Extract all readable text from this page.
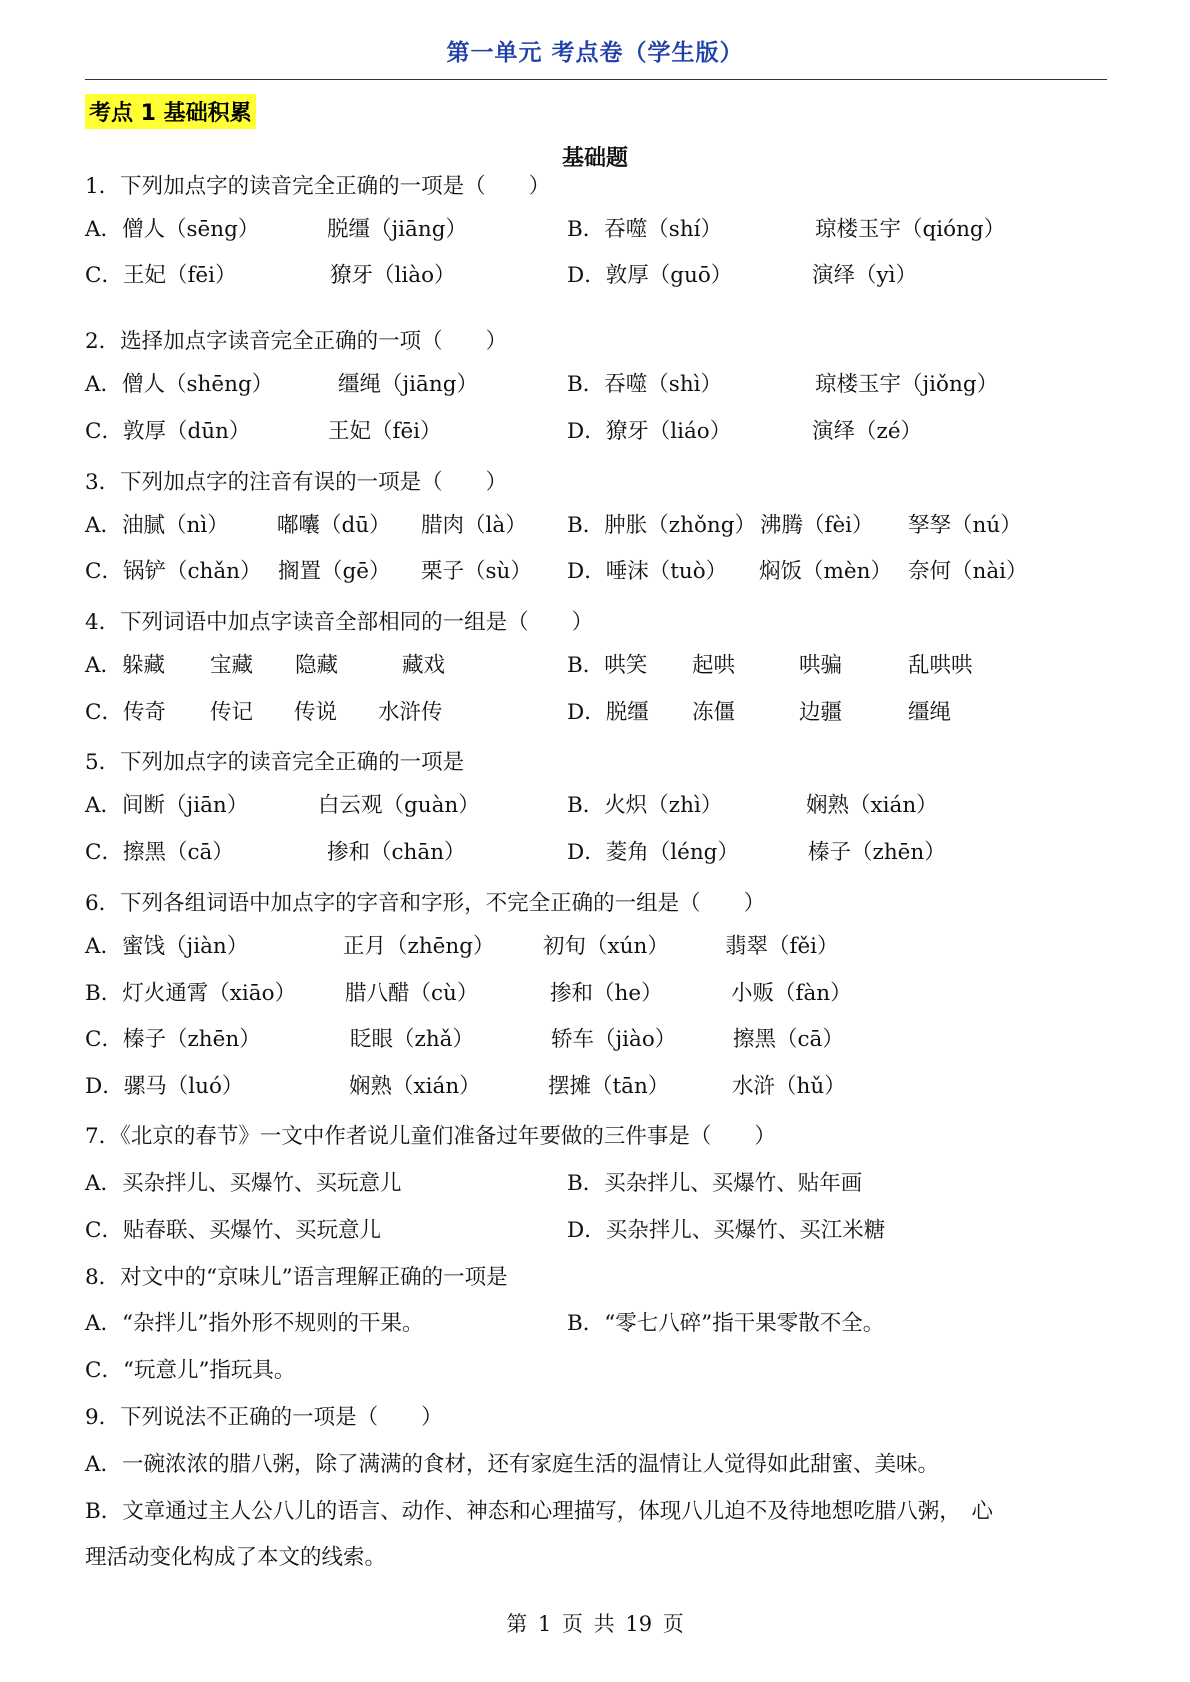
第一单元 考点卷（学生版）
考点 1 基础积累
基础题
1．下列加点字的读音完全正确的一项是（　　）
A．僧人（sēng）	脱缰（jiāng）	B．吞噬（shí）	琼楼玉宇（qióng）
C．王妃（fēi）	獠牙（liào）	D．敦厚（guō）	演绎（yì）
2．选择加点字读音完全正确的一项（　　）
A．僧人（shēng）	缰绳（jiāng）	B．吞噬（shì）	琼楼玉宇（jiǒng）
C．敦厚（dūn）	王妃（fēi）	D．獠牙（liáo）	演绎（zé）
3．下列加点字的注音有误的一项是（　　）
A．油腻（nì） 嘟囔（dū） 腊肉（là） B．肿胀（zhǒng） 沸腾（fèi） 孥孥（nú）
C．锅铲（chǎn） 搁置（gē） 栗子（sù） D．唾沫（tuò） 焖饭（mèn） 奈何（nài）
4．下列词语中加点字读音全部相同的一组是（　　）
A．躲藏 宝藏 隐藏	藏戏	B．哄笑 起哄	哄骗	乱哄哄
C．传奇 传记 传说 水浒传	D．脱缰 冻僵	边疆	缰绳
5．下列加点字的读音完全正确的一项是
A．间断（jiān）	白云观（guàn）	B．火炽（zhì）	娴熟（xián）
C．擦黑（cā）	掺和（chān）	D．菱角（léng）	榛子（zhēn）
6．下列各组词语中加点字的字音和字形，不完全正确的一组是（　　）
A．蜜饯（jiàn）	正月（zhēng） 初旬（xún）	翡翠（fěi）
B．灯火通霄（xiāo） 腊八醋（cù）	掺和（he）	小贩（fàn）
C．榛子（zhēn）	眨眼（zhǎ）	轿车（jiào）	擦黑（cā）
D．骡马（luó）	娴熟（xián）	摆摊（tān）	水浒（hǔ）
7．《北京的春节》一文中作者说儿童们准备过年要做的三件事是（　　）
A．买杂拌儿、买爆竹、买玩意儿	B．买杂拌儿、买爆竹、贴年画
C．贴春联、买爆竹、买玩意儿	D．买杂拌儿、买爆竹、买江米糖
8．对文中的“京味儿”语言理解正确的一项是
A．“杂拌儿”指外形不规则的干果。	B．“零七八碎”指干果零散不全。
C．“玩意儿”指玩具。
9．下列说法不正确的一项是（　　）
A．一碗浓浓的腊八粥，除了满满的食材，还有家庭生活的温情让人觉得如此甜蜜、美味。
B．文章通过主人公八儿的语言、动作、神态和心理描写，体现八儿迫不及待地想吃腊八粥，　心
理活动变化构成了本文的线索。
第 1 页 共 19 页
